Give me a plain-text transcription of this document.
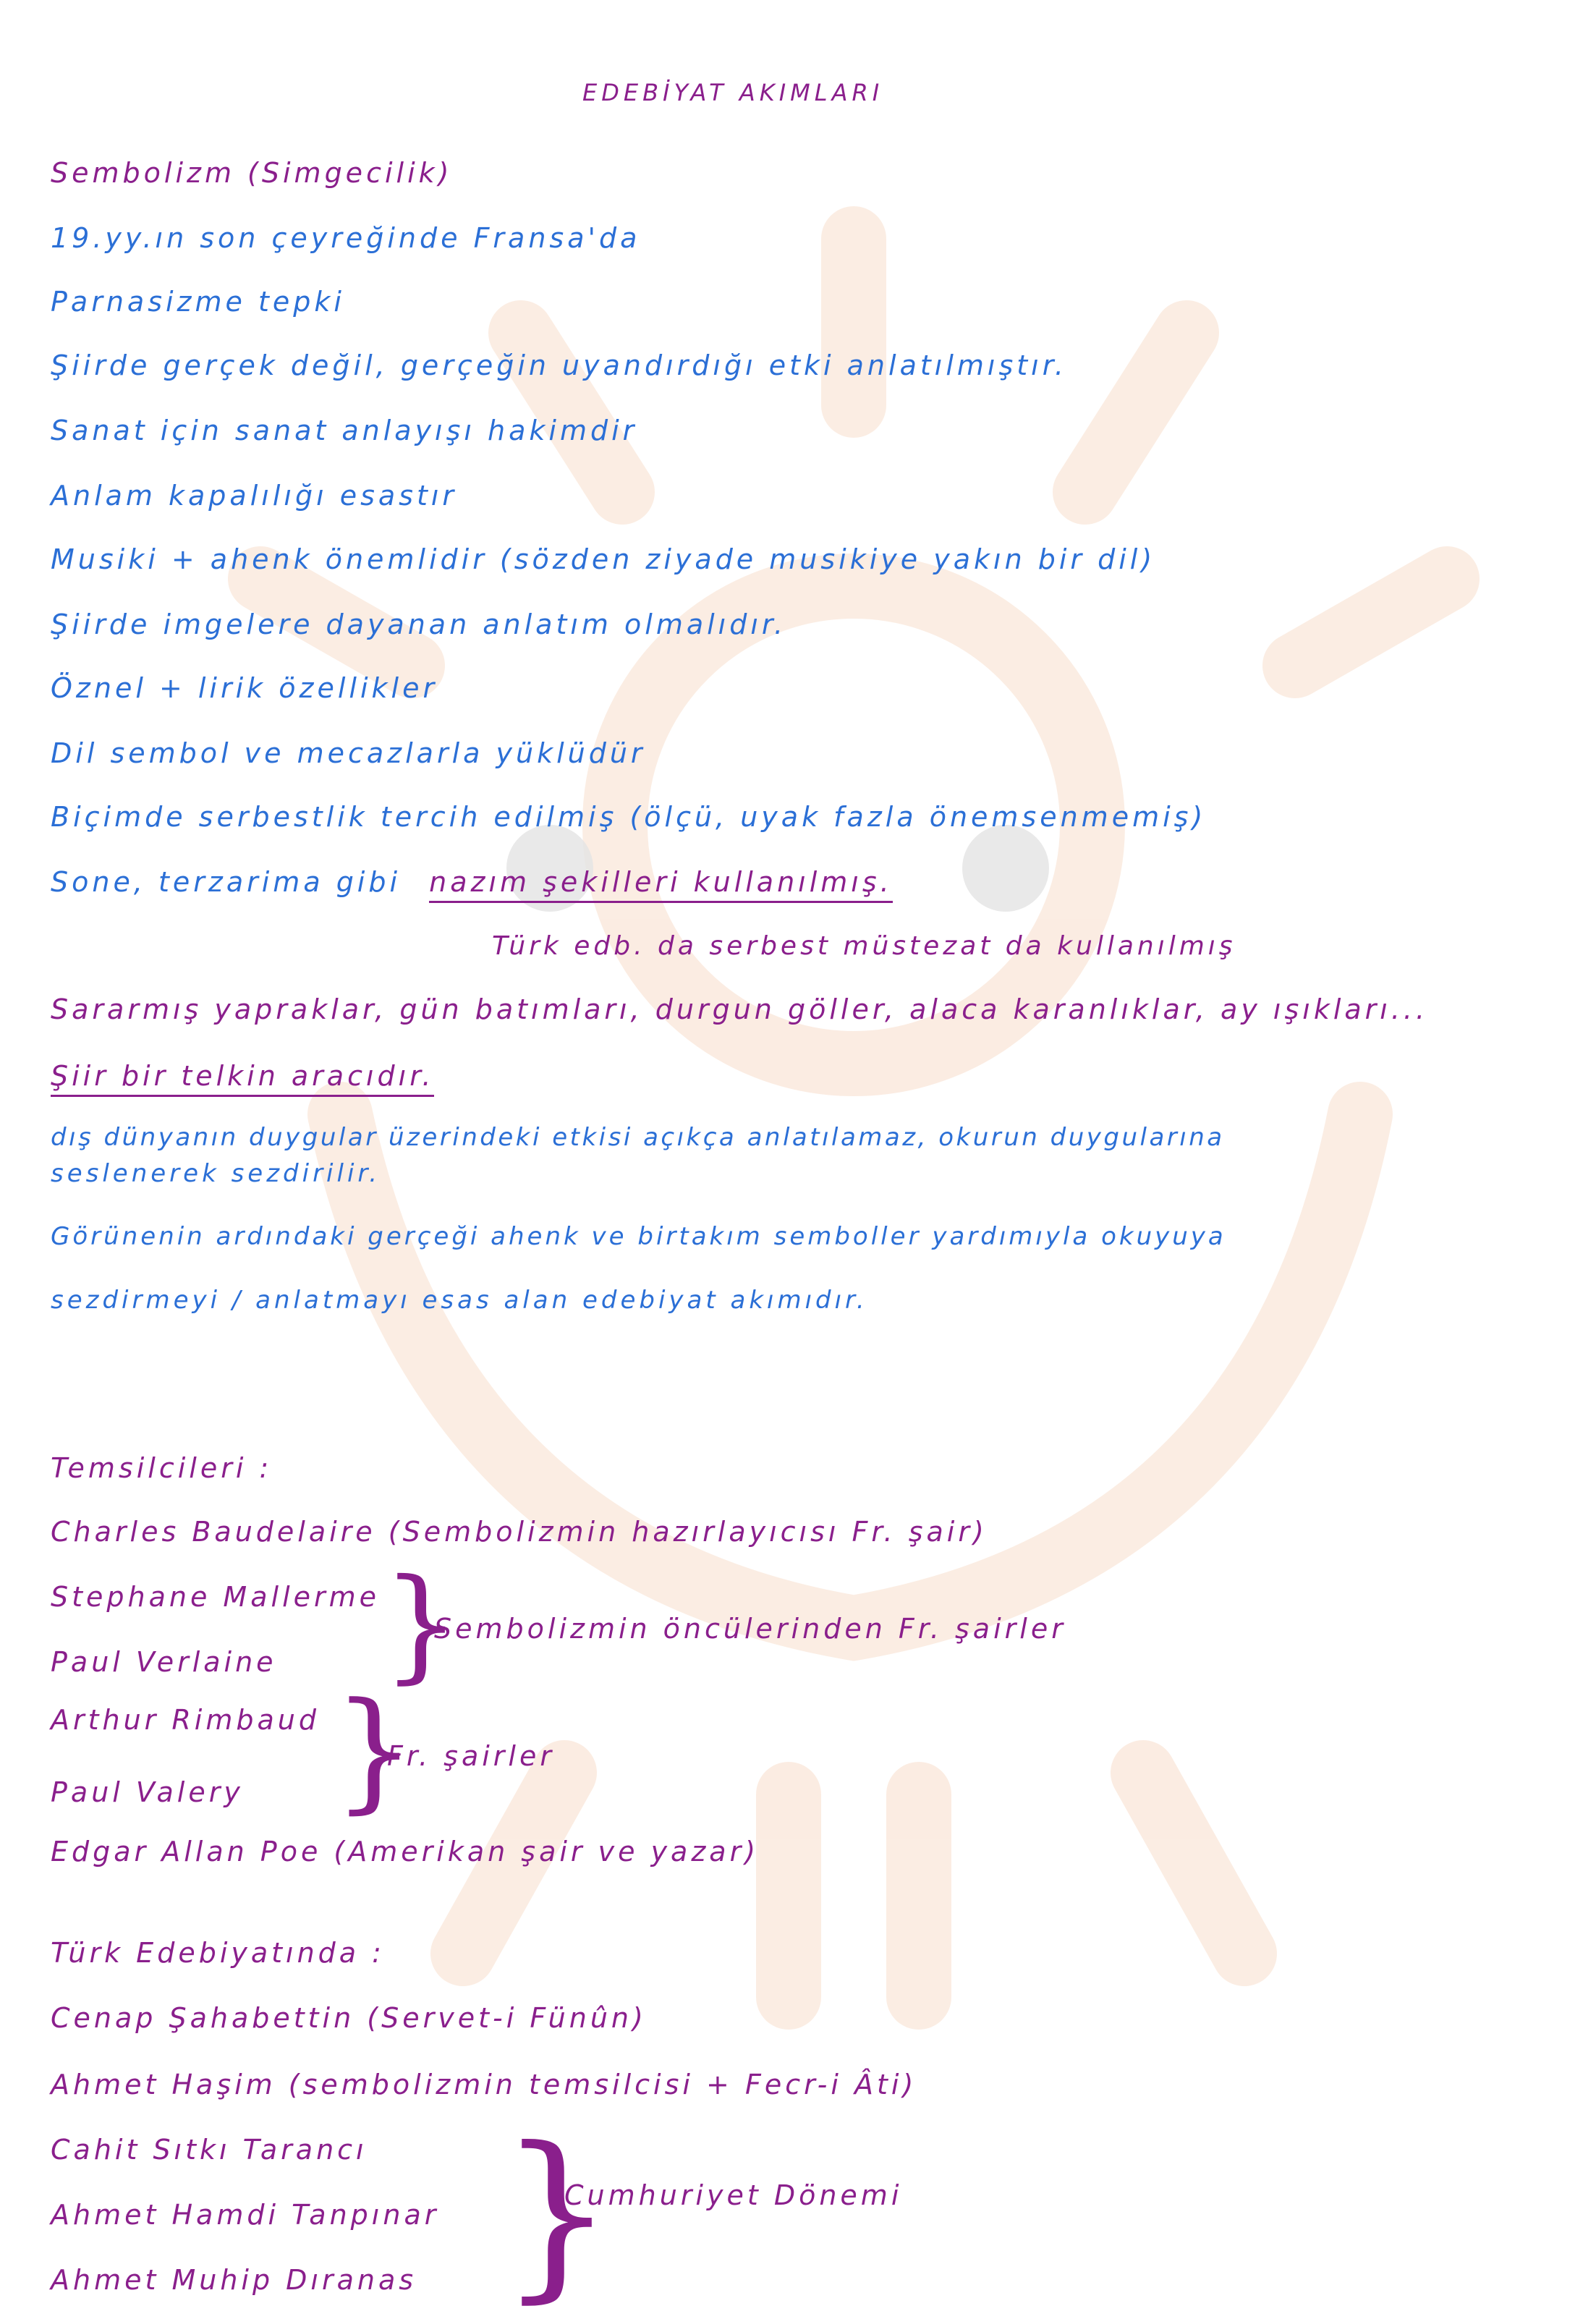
EDEBİYAT AKIMLARI
Sembolizm (Simgecilik)
19.yy.ın son çeyreğinde Fransa'da
Parnasizme tepki
Şiirde gerçek değil, gerçeğin uyandırdığı etki anlatılmıştır.
Sanat için sanat anlayışı hakimdir
Anlam kapalılığı esastır
Musiki + ahenk önemlidir (sözden ziyade musikiye yakın bir dil)
Şiirde imgelere dayanan anlatım olmalıdır.
Öznel + lirik özellikler
Dil sembol ve mecazlarla yüklüdür
Biçimde serbestlik tercih edilmiş (ölçü, uyak fazla önemsenmemiş)
Sone, terzarima gibi nazım şekilleri kullanılmış.
Türk edb. da serbest müstezat da kullanılmış
Sararmış yapraklar, gün batımları, durgun göller, alaca karanlıklar, ay ışıkları...
Şiir bir telkin aracıdır.
dış dünyanın duygular üzerindeki etkisi açıkça anlatılamaz, okurun duygularına
seslenerek sezdirilir.
Görünenin ardındaki gerçeği ahenk ve birtakım semboller yardımıyla okuyuya
sezdirmeyi / anlatmayı esas alan edebiyat akımıdır.
Temsilcileri :
Charles Baudelaire (Sembolizmin hazırlayıcısı Fr. şair)
Stephane Mallerme
Paul Verlaine }
Sembolizmin öncülerinden Fr. şairler
Arthur Rimbaud
Paul Valery }
Fr. şairler
Edgar Allan Poe (Amerikan şair ve yazar)
Türk Edebiyatında :
Cenap Şahabettin (Servet-i Fünûn)
Ahmet Haşim (sembolizmin temsilcisi + Fecr-i Âti)
Cahit Sıtkı Tarancı
Ahmet Hamdi Tanpınar
Ahmet Muhip Dıranas }
Cumhuriyet Dönemi
